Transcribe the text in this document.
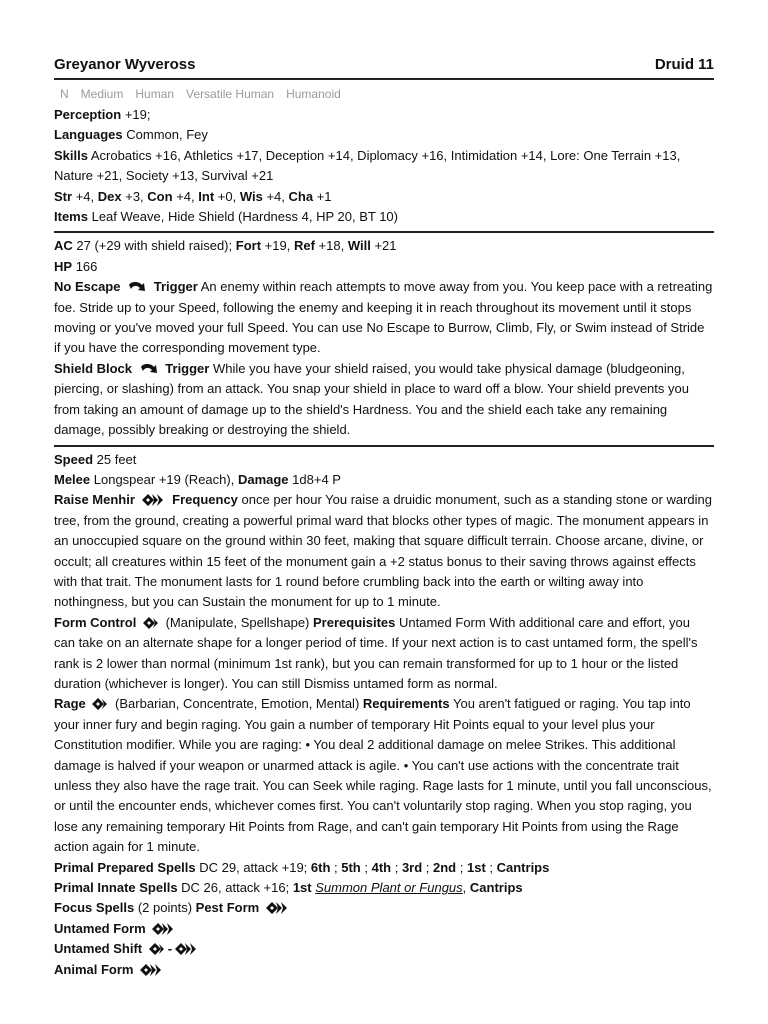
Greyanor Wyveross	Druid 11
N Medium Human Versatile Human Humanoid
Perception +19;
Languages Common, Fey
Skills Acrobatics +16, Athletics +17, Deception +14, Diplomacy +16, Intimidation +14, Lore: One Terrain +13, Nature +21, Society +13, Survival +21
Str +4, Dex +3, Con +4, Int +0, Wis +4, Cha +1
Items Leaf Weave, Hide Shield (Hardness 4, HP 20, BT 10)
AC 27 (+29 with shield raised); Fort +19, Ref +18, Will +21
HP 166
No Escape	Trigger An enemy within reach attempts to move away from you. You keep pace with a retreating foe. Stride up to your Speed, following the enemy and keeping it in reach throughout its movement until it stops moving or you've moved your full Speed. You can use No Escape to Burrow, Climb, Fly, or Swim instead of Stride if you have the corresponding movement type.
Shield Block	Trigger While you have your shield raised, you would take physical damage (bludgeoning, piercing, or slashing) from an attack. You snap your shield in place to ward off a blow. Your shield prevents you from taking an amount of damage up to the shield's Hardness. You and the shield each take any remaining damage, possibly breaking or destroying the shield.
Speed 25 feet
Melee Longspear +19 (Reach), Damage 1d8+4 P
Raise Menhir	Frequency once per hour You raise a druidic monument, such as a standing stone or warding tree, from the ground, creating a powerful primal ward that blocks other types of magic. The monument appears in an unoccupied square on the ground within 30 feet, making that square difficult terrain. Choose arcane, divine, or occult; all creatures within 15 feet of the monument gain a +2 status bonus to their saving throws against effects with that trait. The monument lasts for 1 round before crumbling back into the earth or wilting away into nothingness, but you can Sustain the monument for up to 1 minute.
Form Control (Manipulate, Spellshape) Prerequisites Untamed Form With additional care and effort, you can take on an alternate shape for a longer period of time. If your next action is to cast untamed form, the spell's rank is 2 lower than normal (minimum 1st rank), but you can remain transformed for up to 1 hour or the listed duration (whichever is longer). You can still Dismiss untamed form as normal.
Rage (Barbarian, Concentrate, Emotion, Mental) Requirements You aren't fatigued or raging. You tap into your inner fury and begin raging. You gain a number of temporary Hit Points equal to your level plus your Constitution modifier. While you are raging: • You deal 2 additional damage on melee Strikes. This additional damage is halved if your weapon or unarmed attack is agile. • You can't use actions with the concentrate trait unless they also have the rage trait. You can Seek while raging. Rage lasts for 1 minute, until you fall unconscious, or until the encounter ends, whichever comes first. You can't voluntarily stop raging. When you stop raging, you lose any remaining temporary Hit Points from Rage, and can't gain temporary Hit Points from using the Rage action again for 1 minute.
Primal Prepared Spells DC 29, attack +19; 6th ; 5th ; 4th ; 3rd ; 2nd ; 1st ; Cantrips
Primal Innate Spells DC 26, attack +16; 1st Summon Plant or Fungus, Cantrips
Focus Spells (2 points) Pest Form
Untamed Form
Untamed Shift -
Animal Form
